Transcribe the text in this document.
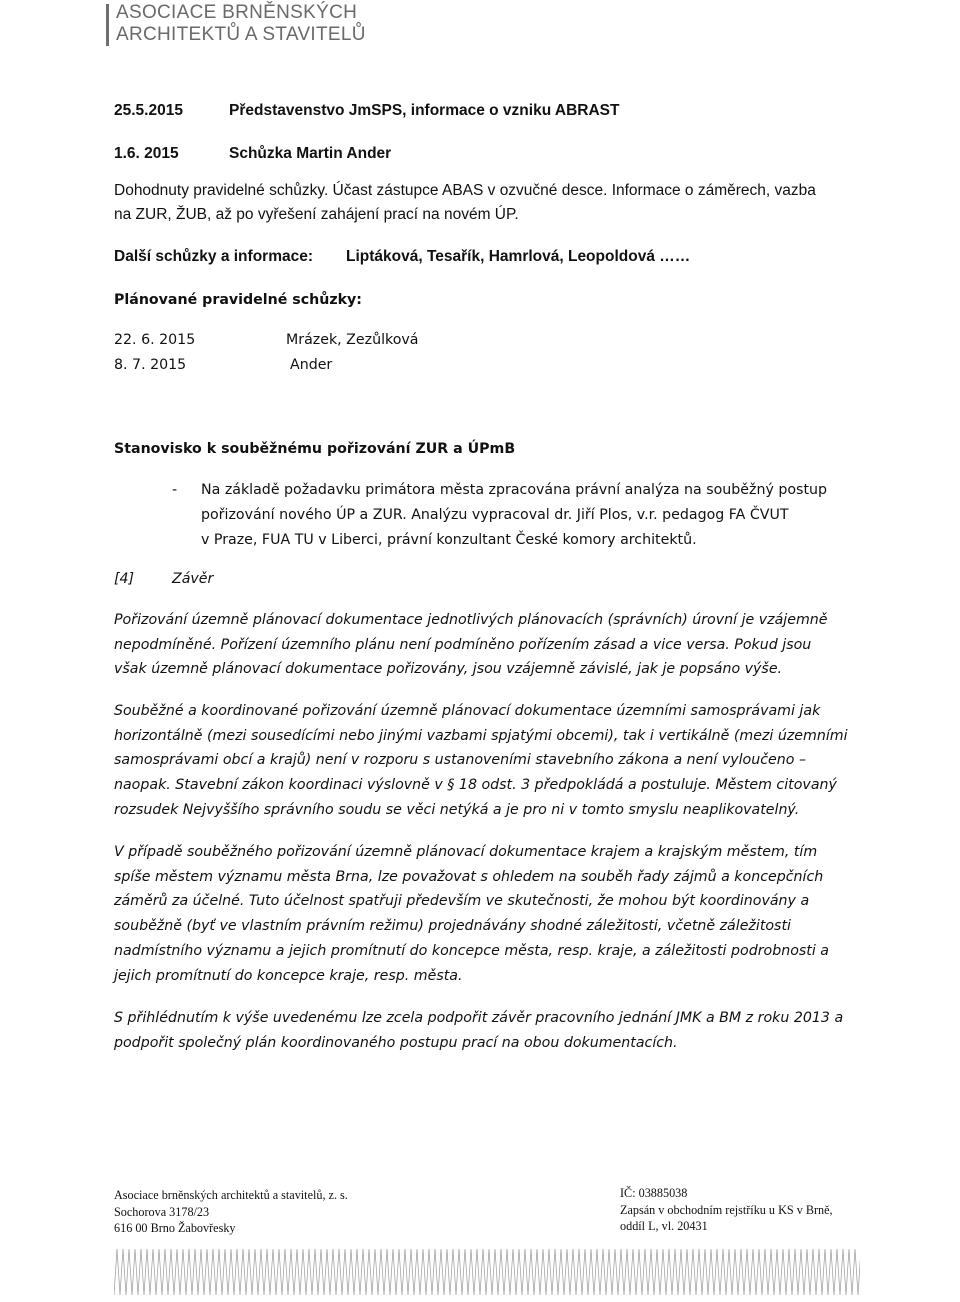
ASOCIACE BRNĚNSKÝCH
ARCHITEKTŮ A STAVITELŮ
25.5.2015	Představenstvo JmSPS, informace o vzniku ABRAST
1.6. 2015	Schůzka Martin Ander
Dohodnuty pravidelné schůzky. Účast zástupce ABAS v ozvučné desce. Informace o záměrech, vazba
na ZUR, ŽUB, až po vyřešení zahájení prací na novém ÚP.
Další schůzky a informace: Liptáková, Tesařík, Hamrlová, Leopoldová ……
Plánované pravidelné schůzky:
22. 6. 2015	Mrázek, Zezůlková
8. 7. 2015	Ander
Stanovisko k souběžnému pořizování ZUR a ÚPmB
- Na základě požadavku primátora města zpracována právní analýza na souběžný postup
pořizování nového ÚP a ZUR. Analýzu vypracoval dr. Jiří Plos, v.r. pedagog FA ČVUT
v Praze, FUA TU v Liberci, právní konzultant České komory architektů.
[4]	Závěr
Pořizování územně plánovací dokumentace jednotlivých plánovacích (správních) úrovní je vzájemně
nepodmíněné. Pořízení územního plánu není podmíněno pořízením zásad a vice versa. Pokud jsou
však územně plánovací dokumentace pořizovány, jsou vzájemně závislé, jak je popsáno výše.
Souběžné a koordinované pořizování územně plánovací dokumentace územními samosprávami jak
horizontálně (mezi sousedícími nebo jinými vazbami spjatými obcemi), tak i vertikálně (mezi územními
samosprávami obcí a krajů) není v rozporu s ustanoveními stavebního zákona a není vyloučeno –
naopak. Stavební zákon koordinaci výslovně v § 18 odst. 3 předpokládá a postuluje. Městem citovaný
rozsudek Nejvyššího správního soudu se věci netýká a je pro ni v tomto smyslu neaplikovatelný.
V případě souběžného pořizování územně plánovací dokumentace krajem a krajským městem, tím
spíše městem významu města Brna, lze považovat s ohledem na souběh řady zájmů a koncepčních
záměrů za účelné. Tuto účelnost spatřuji především ve skutečnosti, že mohou být koordinovány a
souběžně (byť ve vlastním právním režimu) projednávány shodné záležitosti, včetně záležitosti
nadmístního významu a jejich promítnutí do koncepce města, resp. kraje, a záležitosti podrobnosti a
jejich promítnutí do koncepce kraje, resp. města.
S přihlédnutím k výše uvedenému lze zcela podpořit závěr pracovního jednání JMK a BM z roku 2013 a
podpořit společný plán koordinovaného postupu prací na obou dokumentacích.
Asociace brněnských architektů a stavitelů, z. s.
Sochorova 3178/23
616 00 Brno Žabovřesky
IČ: 03885038
Zapsán v obchodním rejstříku u KS v Brně,
oddíl L, vl. 20431
